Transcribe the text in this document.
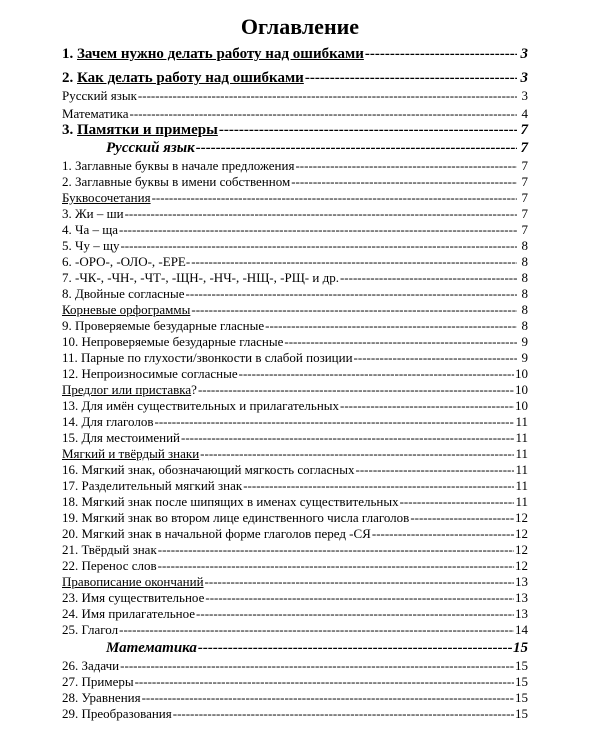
Оглавление
1. Зачем нужно делать работу над ошибками -----	3
2. Как делать работу над ошибками -----	3
Русский язык -----	3
Математика -----	4
3. Памятки и примеры -----	7
Русский язык -----	7
1. Заглавные буквы в начале предложения -----	7
2. Заглавные буквы в имени собственном -----	7
Буквосочетания -----	7
3. Жи – ши -----	7
4. Ча – ща -----	7
5. Чу – щу -----	8
6. -ОРО-, -ОЛО-, -ЕРЕ- -----	8
7. -ЧК-, -ЧН-, -ЧТ-, -ЩН-, -НЧ-, -НЩ-, -РЩ- и др. -----	8
8. Двойные согласные -----	8
Корневые орфограммы -----	8
9. Проверяемые безударные гласные -----	8
10. Непроверяемые безударные гласные -----	9
11. Парные по глухости/звонкости в слабой позиции -----	9
12. Непроизносимые согласные -----	10
Предлог или приставка? -----	10
13. Для имён существительных и прилагательных -----	10
14. Для глаголов -----	11
15. Для местоимений -----	11
Мягкий и твёрдый знаки -----	11
16. Мягкий знак, обозначающий мягкость согласных -----	11
17. Разделительный мягкий знак -----	11
18. Мягкий знак после шипящих в именах существительных -----	11
19. Мягкий знак во втором лице единственного числа глаголов -----	12
20. Мягкий знак в начальной форме глаголов перед -СЯ -----	12
21. Твёрдый знак -----	12
22. Перенос слов -----	12
Правописание окончаний -----	13
23. Имя существительное -----	13
24. Имя прилагательное -----	13
25. Глагол -----	14
Математика -----	15
26. Задачи -----	15
27. Примеры -----	15
28. Уравнения -----	15
29. Преобразования -----	15
